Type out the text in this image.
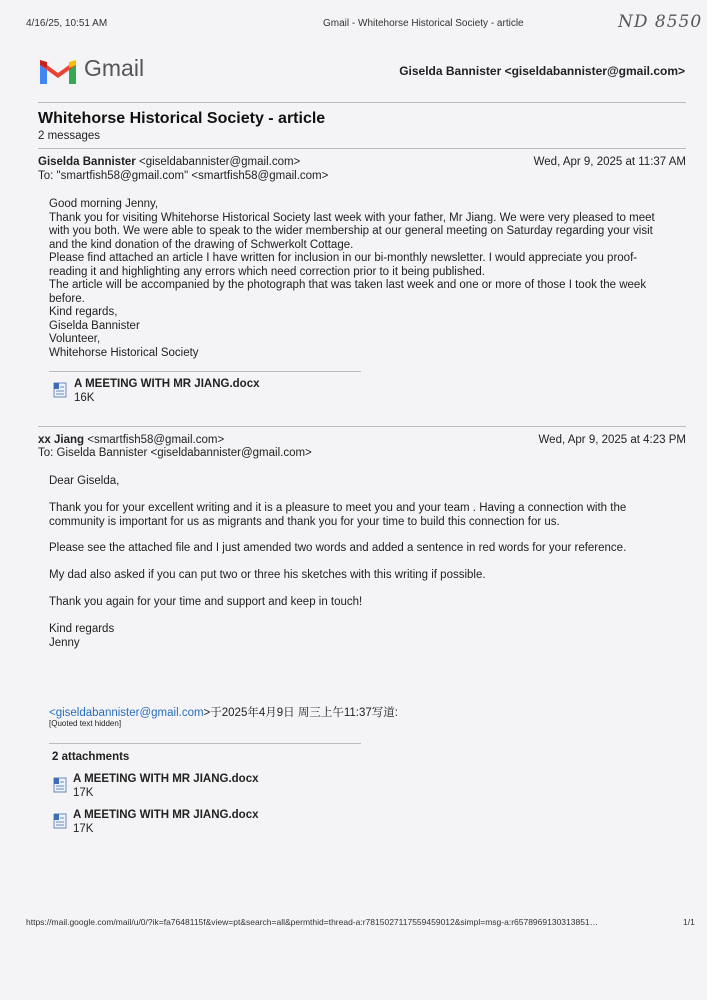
4/16/25, 10:51 AM	Gmail - Whitehorse Historical Society - article	ND 8550
Gmail	Giselda Bannister <giseldabannister@gmail.com>
Whitehorse Historical Society - article
2 messages
Giselda Bannister <giseldabannister@gmail.com>	Wed, Apr 9, 2025 at 11:37 AM
To: "smartfish58@gmail.com" <smartfish58@gmail.com>

Good morning Jenny,

Thank you for visiting Whitehorse Historical Society last week with your father, Mr Jiang. We were very pleased to meet

with you both. We were able to speak to the wider membership at our general meeting on Saturday regarding your visit

and the kind donation of the drawing of Schwerkolt Cottage.

Please find attached an article I have written for inclusion in our bi-monthly newsletter. I would appreciate you proof-

reading it and highlighting any errors which need correction prior to it being published.

The article will be accompanied by the photograph that was taken last week and one or more of those I took the week

before.

Kind regards,

Giselda Bannister

Volunteer,

Whitehorse Historical Society

A MEETING WITH MR JIANG.docx
16K
xx Jiang <smartfish58@gmail.com>	Wed, Apr 9, 2025 at 4:23 PM
To: Giselda Bannister <giseldabannister@gmail.com>
Dear Giselda,

Thank you for your excellent writing and it is a pleasure to meet you and your team . Having a connection with the

community is important for us as migrants and thank you for your time to build this connection for us.

Please see the attached file and I just amended two words and added a sentence in red words for your reference.
My dad also asked if you can put two or three his sketches with this writing if possible.
Thank you again for your time and support and keep in touch!

Kind regards

Jenny

<giseldabannister@gmail.com>于2025年4月9日 周三上午11:37写道:
[Quoted text hidden]
2 attachments
A MEETING WITH MR JIANG.docx
17K
A MEETING WITH MR JIANG.docx
17K
https://mail.google.com/mail/u/0/?ik=fa7648115f&view=pt&search=all&permthid=thread-a:r7815027117559459012&simpl=msg-a:r6578969130313851…	1/1
